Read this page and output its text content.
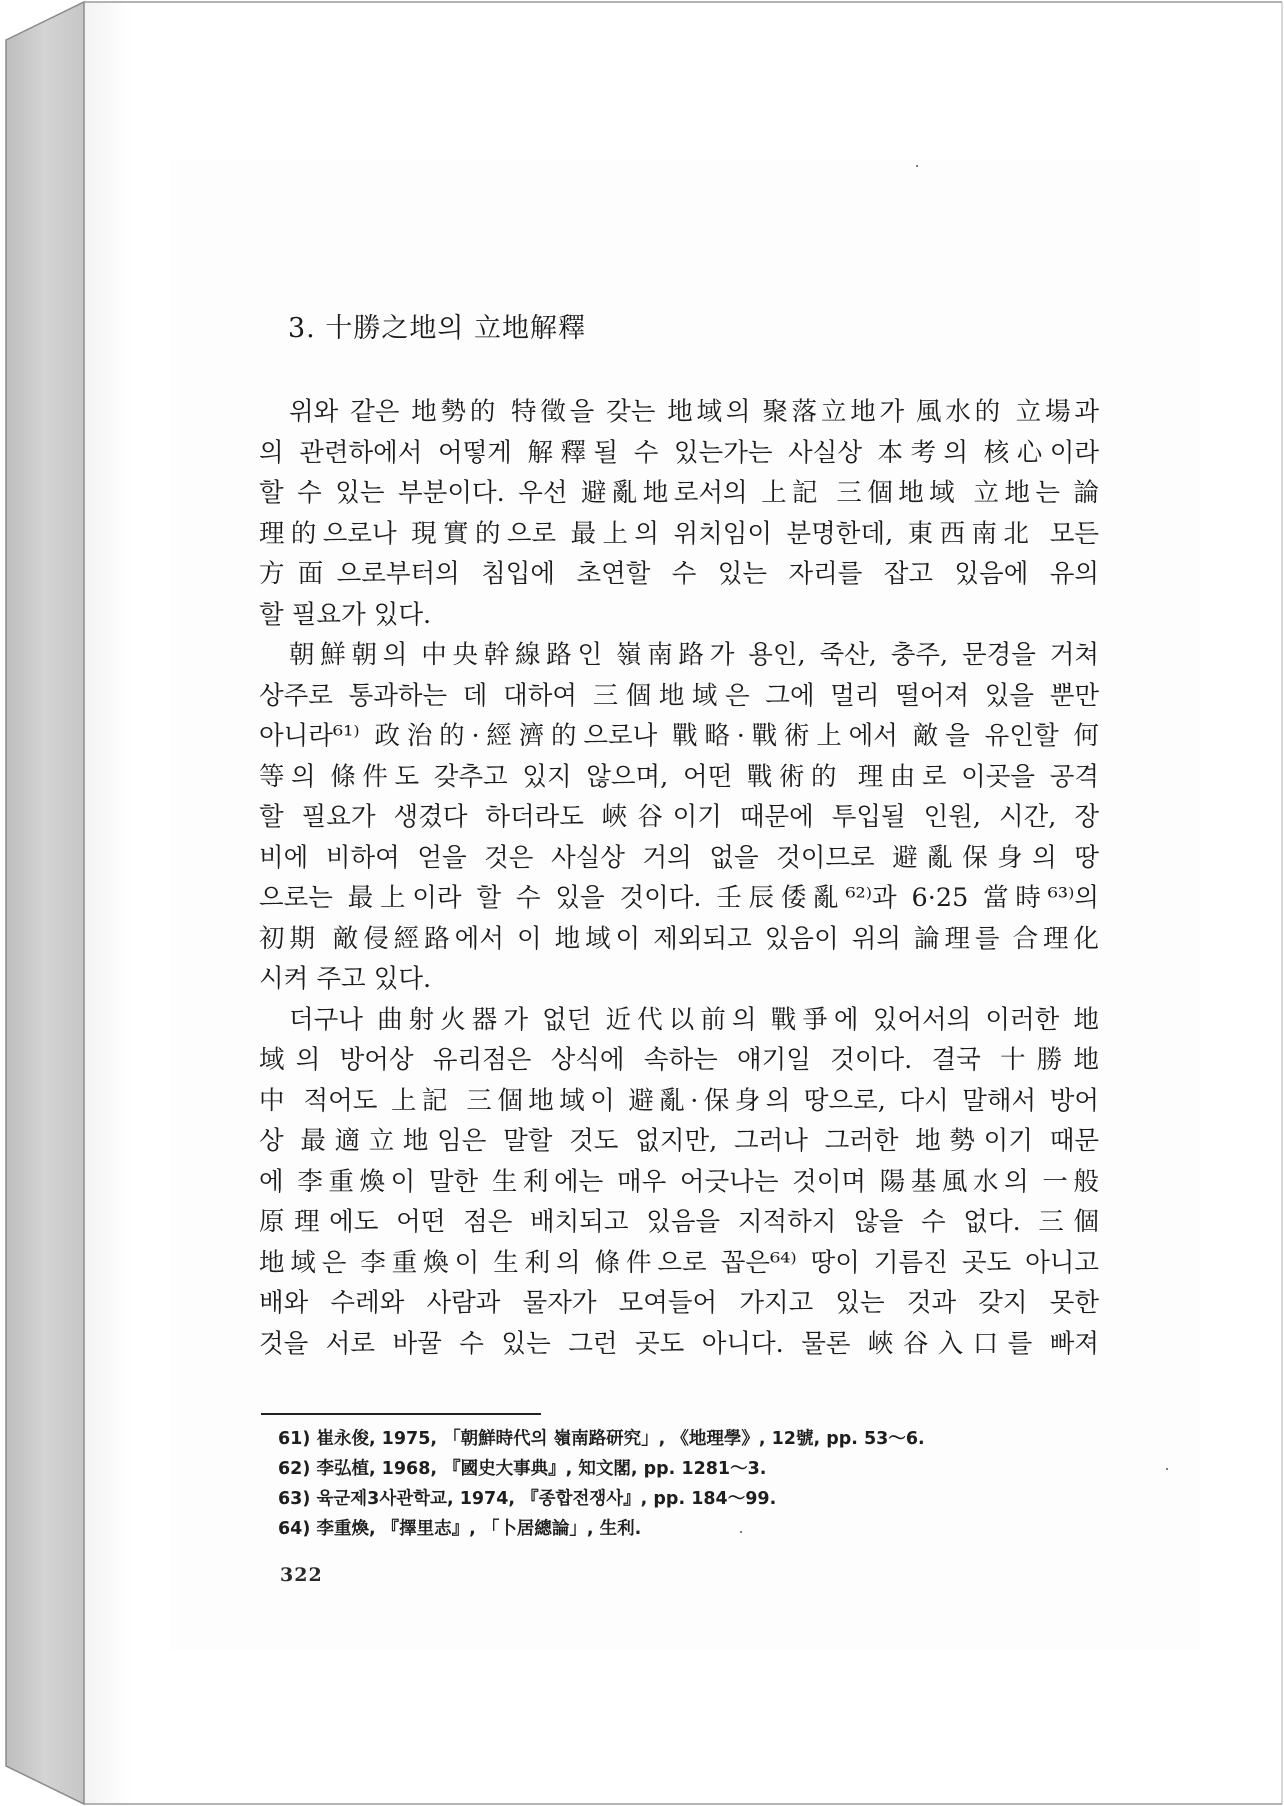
3. 十勝之地의 立地解釋
위와 같은 地勢的 特徵을 갖는 地域의 聚落立地가 風水的 立場과
의 관련하에서 어떻게 解釋될 수 있는가는 사실상 本考의 核心이라
할 수 있는 부분이다. 우선 避亂地로서의 上記 三個地域 立地는 論
理的으로나 現實的으로 最上의 위치임이 분명한데, 東西南北 모든
方面으로부터의 침입에 초연할 수 있는 자리를 잡고 있음에 유의
할 필요가 있다.
朝鮮朝의 中央幹線路인 嶺南路가 용인, 죽산, 충주, 문경을 거쳐
상주로 통과하는 데 대하여 三個地域은 그에 멀리 떨어져 있을 뿐만
아니라⁶¹⁾ 政治的·經濟的으로나 戰略·戰術上에서 敵을 유인할 何
等의 條件도 갖추고 있지 않으며, 어떤 戰術的 理由로 이곳을 공격
할 필요가 생겼다 하더라도 峽谷이기 때문에 투입될 인원, 시간, 장
비에 비하여 얻을 것은 사실상 거의 없을 것이므로 避亂保身의 땅
으로는 最上이라 할 수 있을 것이다. 壬辰倭亂⁶²⁾과 6·25 當時⁶³⁾의
初期 敵侵經路에서 이 地域이 제외되고 있음이 위의 論理를 合理化
시켜 주고 있다.
더구나 曲射火器가 없던 近代以前의 戰爭에 있어서의 이러한 地
域의 방어상 유리점은 상식에 속하는 얘기일 것이다. 결국 十勝地
中 적어도 上記 三個地域이 避亂·保身의 땅으로, 다시 말해서 방어
상 最適立地임은 말할 것도 없지만, 그러나 그러한 地勢이기 때문
에 李重煥이 말한 生利에는 매우 어긋나는 것이며 陽基風水의 一般
原理에도 어떤 점은 배치되고 있음을 지적하지 않을 수 없다. 三個
地域은 李重煥이 生利의 條件으로 꼽은⁶⁴⁾ 땅이 기름진 곳도 아니고
배와 수레와 사람과 물자가 모여들어 가지고 있는 것과 갖지 못한
것을 서로 바꿀 수 있는 그런 곳도 아니다. 물론 峽谷入口를 빠져
61) 崔永俊, 1975, 「朝鮮時代의 嶺南路研究」, 《地理學》, 12號, pp. 53～6.
62) 李弘植, 1968, 『國史大事典』, 知文閣, pp. 1281～3.
63) 육군제3사관학교, 1974, 『종합전쟁사』, pp. 184～99.
64) 李重煥, 『擇里志』, 「卜居總論」, 生利.
322
